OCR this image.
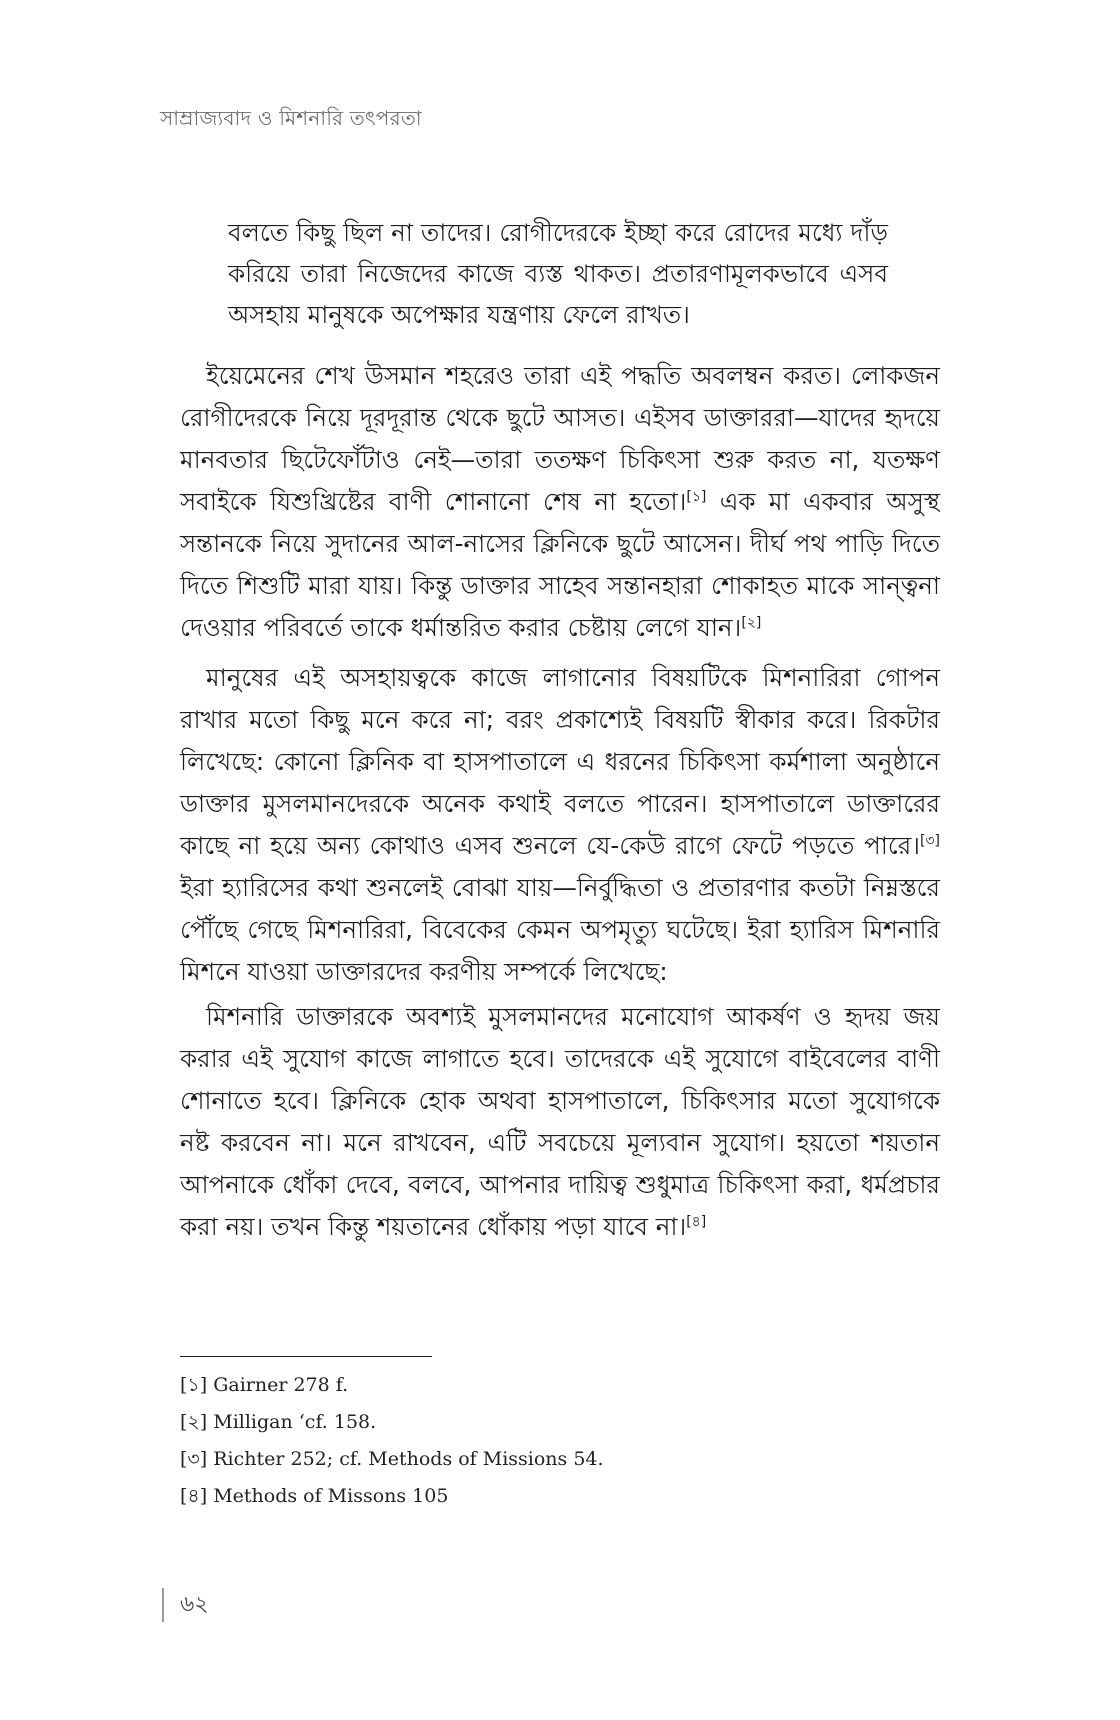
সাম্রাজ্যবাদ ও মিশনারি তৎপরতা
বলতে কিছু ছিল না তাদের। রোগীদেরকে ইচ্ছা করে রোদের মধ্যে দাঁড় করিয়ে তারা নিজেদের কাজে ব্যস্ত থাকত। প্রতারণামূলকভাবে এসব অসহায় মানুষকে অপেক্ষার যন্ত্রণায় ফেলে রাখত।

ইয়েমেনের শেখ উসমান শহরেও তারা এই পদ্ধতি অবলম্বন করত। লোকজন রোগীদেরকে নিয়ে দূরদূরান্ত থেকে ছুটে আসত। এইসব ডাক্তাররা—যাদের হৃদয়ে মানবতার ছিটেফোঁটাও নেই—তারা ততক্ষণ চিকিৎসা শুরু করত না, যতক্ষণ সবাইকে যিশুখ্রিষ্টের বাণী শোনানো শেষ না হতো।[১] এক মা একবার অসুস্থ সন্তানকে নিয়ে সুদানের আল-নাসের ক্লিনিকে ছুটে আসেন। দীর্ঘ পথ পাড়ি দিতে দিতে শিশুটি মারা যায়। কিন্তু ডাক্তার সাহেব সন্তানহারা শোকাহত মাকে সান্ত্বনা দেওয়ার পরিবর্তে তাকে ধর্মান্তরিত করার চেষ্টায় লেগে যান।[২]

মানুষের এই অসহায়ত্বকে কাজে লাগানোর বিষয়টিকে মিশনারিরা গোপন রাখার মতো কিছু মনে করে না; বরং প্রকাশ্যেই বিষয়টি স্বীকার করে। রিকটার লিখেছে: কোনো ক্লিনিক বা হাসপাতালে এ ধরনের চিকিৎসা কর্মশালা অনুষ্ঠানে ডাক্তার মুসলমানদেরকে অনেক কথাই বলতে পারেন। হাসপাতালে ডাক্তারের কাছে না হয়ে অন্য কোথাও এসব শুনলে যে-কেউ রাগে ফেটে পড়তে পারে।[৩] ইরা হ্যারিসের কথা শুনলেই বোঝা যায়—নির্বুদ্ধিতা ও প্রতারণার কতটা নিম্নস্তরে পৌঁছে গেছে মিশনারিরা, বিবেকের কেমন অপমৃত্যু ঘটেছে। ইরা হ্যারিস মিশনারি মিশনে যাওয়া ডাক্তারদের করণীয় সম্পর্কে লিখেছে:

মিশনারি ডাক্তারকে অবশ্যই মুসলমানদের মনোযোগ আকর্ষণ ও হৃদয় জয় করার এই সুযোগ কাজে লাগাতে হবে। তাদেরকে এই সুযোগে বাইবেলের বাণী শোনাতে হবে। ক্লিনিকে হোক অথবা হাসপাতালে, চিকিৎসার মতো সুযোগকে নষ্ট করবেন না। মনে রাখবেন, এটি সবচেয়ে মূল্যবান সুযোগ। হয়তো শয়তান আপনাকে ধোঁকা দেবে, বলবে, আপনার দায়িত্ব শুধুমাত্র চিকিৎসা করা, ধর্মপ্রচার করা নয়। তখন কিন্তু শয়তানের ধোঁকায় পড়া যাবে না।[৪]

[১] Gairner 278 f.
[২] Milligan ‘cf. 158.
[৩] Richter 252; cf. Methods of Missions 54.
[৪] Methods of Missons 105
৬২
